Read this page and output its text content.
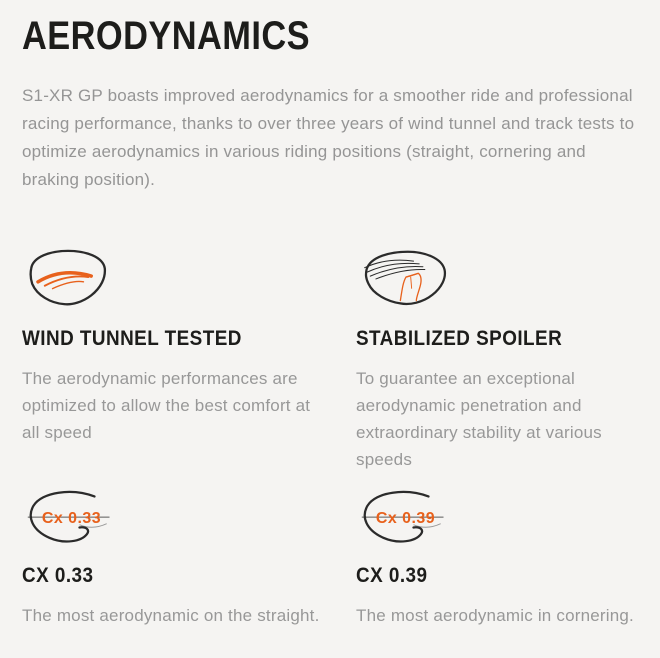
AERODYNAMICS

S1-XR GP boasts improved aerodynamics for a smoother ride and professional racing performance, thanks to over three years of wind tunnel and track tests to optimize aerodynamics in various riding positions (straight, cornering and braking position).

WIND TUNNEL TESTED

The aerodynamic performances are optimized to allow the best comfort at all speed

STABILIZED SPOILER

To guarantee an exceptional aerodynamic penetration and extraordinary stability at various speeds

Cx 0.33
CX 0.33

The most aerodynamic on the straight.

Cx 0.39
CX 0.39

The most aerodynamic in cornering.
